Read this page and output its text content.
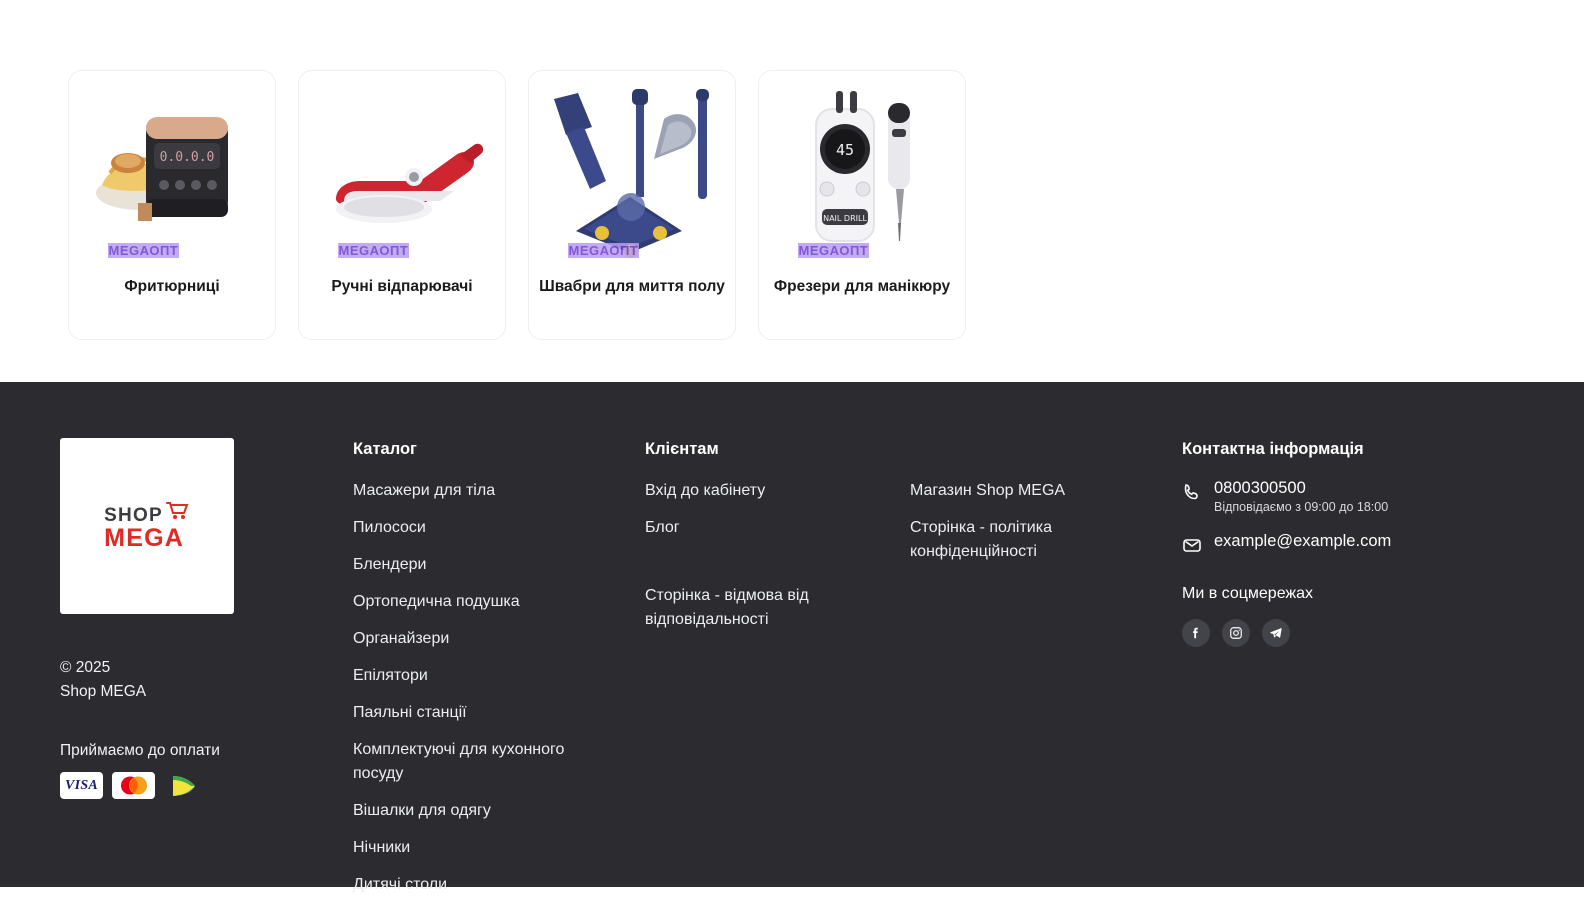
0.0.0.0
МЕGАОПТ
Фритюрниці
МЕGАОПТ
Ручні відпарювачі
МЕGАОПТ
Швабри для миття полу
45
NAIL DRILL
МЕGАОПТ
Фрезери для манікюру
SHOP
MEGA
© 2025
Shop MEGA
Приймаємо до оплати
VISA
Каталог
Масажери для тіла
Пилососи
Блендери
Ортопедична подушка
Органайзери
Епілятори
Паяльні станції
Комплектуючі для кухонного посуду
Вішалки для одягу
Нічники
Дитячі столи
Клієнтам
Вхід до кабінету
Блог
Сторінка - відмова від відповідальності
Магазин Shop MEGA
Сторінка - політика конфіденційності
Контактна інформація
0800300500
Відповідаємо з 09:00 до 18:00
example@example.com
Ми в соцмережах
